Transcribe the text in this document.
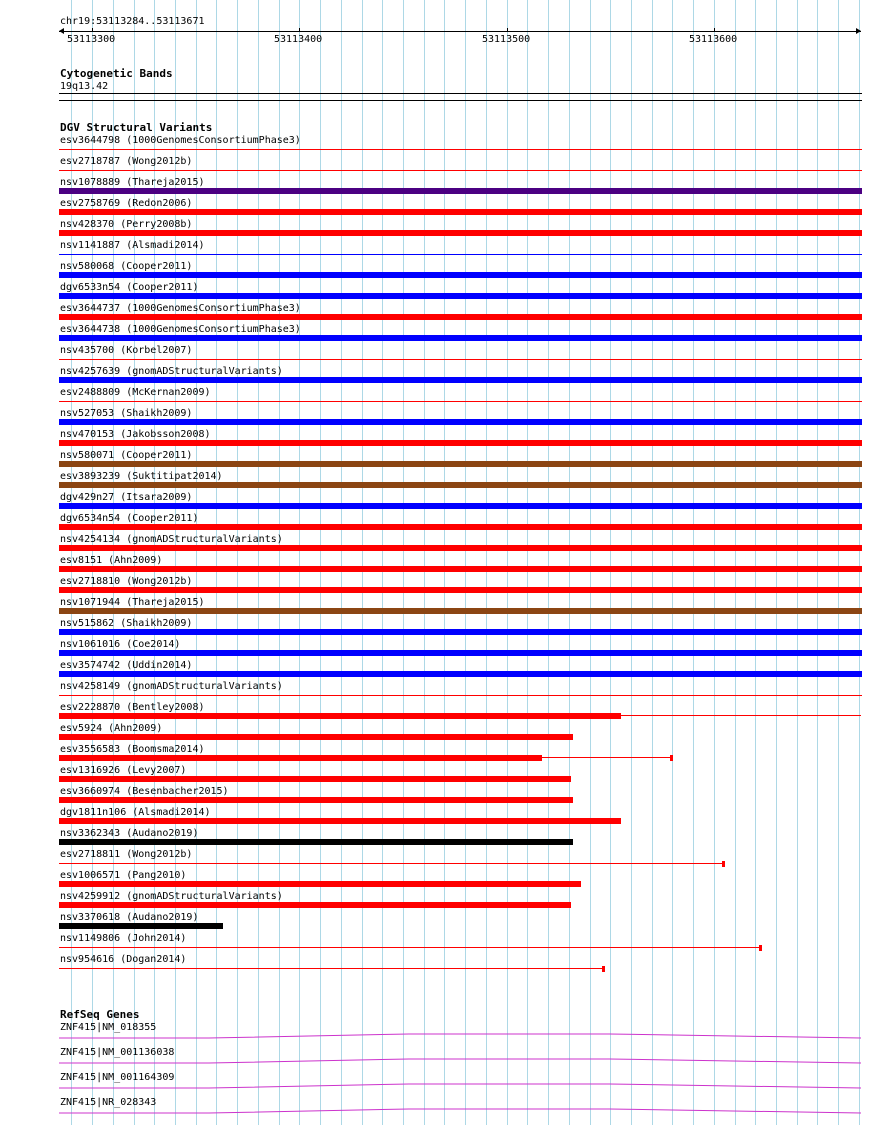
chr19:53113284..53113671
53113300	53113400	53113500	53113600
Cytogenetic Bands
19q13.42
DGV Structural Variants
esv3644798 (1000GenomesConsortiumPhase3)
esv2718787 (Wong2012b)
nsv1078889 (Thareja2015)
esv2758769 (Redon2006)
nsv428370 (Perry2008b)
nsv1141887 (Alsmadi2014)
nsv580068 (Cooper2011)
dgv6533n54 (Cooper2011)
esv3644737 (1000GenomesConsortiumPhase3)
esv3644738 (1000GenomesConsortiumPhase3)
nsv435700 (Korbel2007)
nsv4257639 (gnomADStructuralVariants)
esv2488809 (McKernan2009)
nsv527053 (Shaikh2009)
nsv470153 (Jakobsson2008)
nsv580071 (Cooper2011)
esv3893239 (Suktitipat2014)
dgv429n27 (Itsara2009)
dgv6534n54 (Cooper2011)
nsv4254134 (gnomADStructuralVariants)
esv8151 (Ahn2009)
esv2718810 (Wong2012b)
nsv1071944 (Thareja2015)
nsv515862 (Shaikh2009)
nsv1061016 (Coe2014)
esv3574742 (Uddin2014)
nsv4258149 (gnomADStructuralVariants)
esv2228870 (Bentley2008)
esv5924 (Ahn2009)
esv3556583 (Boomsma2014)
esv1316926 (Levy2007)
esv3660974 (Besenbacher2015)
dgv1811n106 (Alsmadi2014)
nsv3362343 (Audano2019)
esv2718811 (Wong2012b)
esv1006571 (Pang2010)
nsv4259912 (gnomADStructuralVariants)
nsv3370618 (Audano2019)
nsv1149806 (John2014)
nsv954616 (Dogan2014)
RefSeq Genes
ZNF415|NM_018355
ZNF415|NM_001136038
ZNF415|NM_001164309
ZNF415|NR_028343
